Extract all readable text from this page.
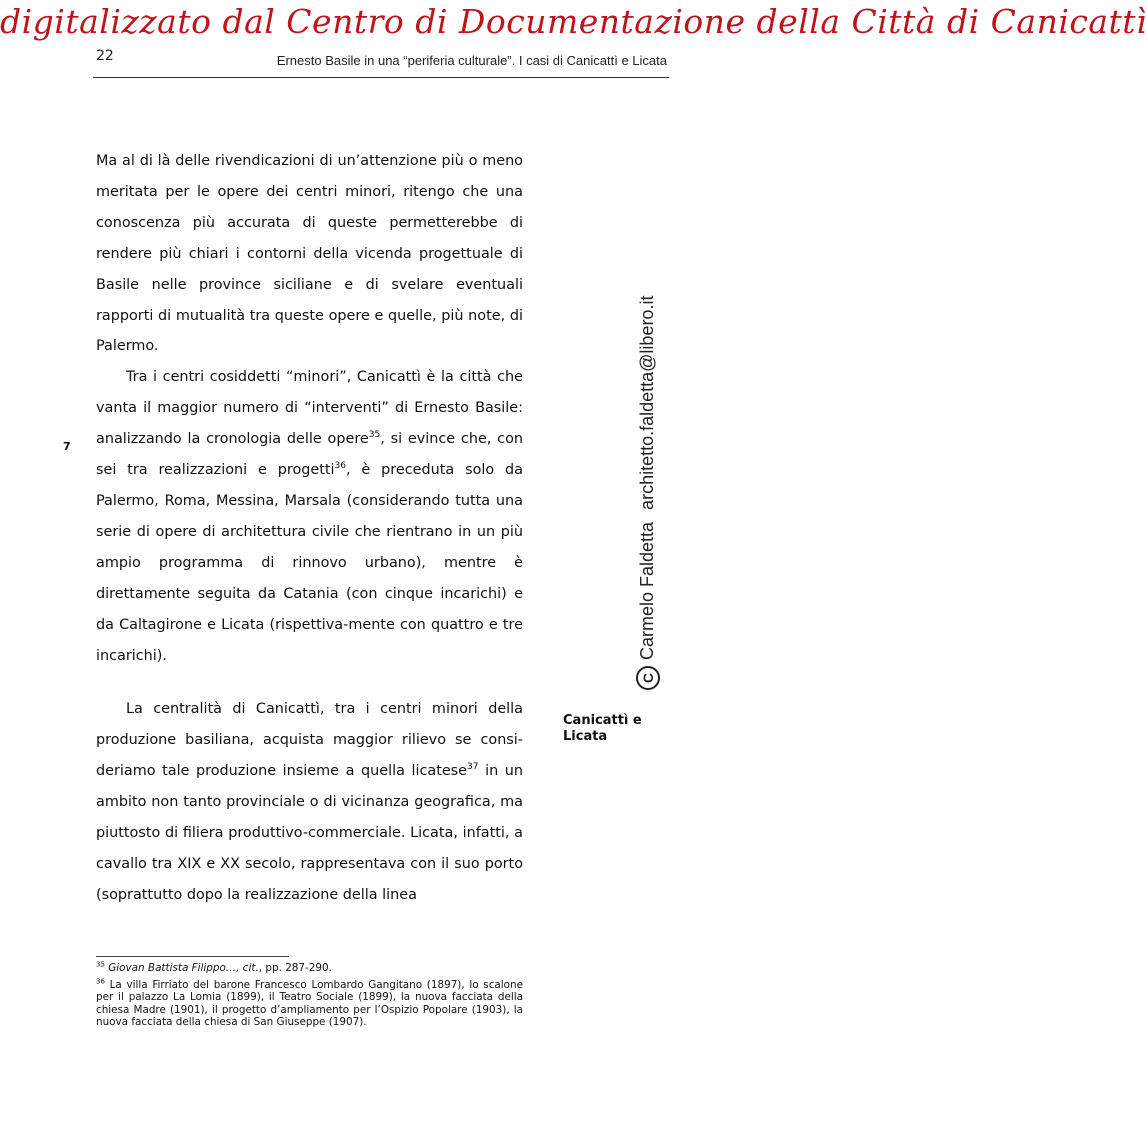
digitalizzato dal Centro di Documentazione della Città di Canicattì
22	Ernesto Basile in una “periferia culturale”. I casi di Canicattì e Licata
7

Ma al di là delle rivendicazioni di un’attenzione più o meno meritata per le opere dei centri minori, ritengo che una conoscenza più accurata di queste permetterebbe di rendere più chiari i contorni della vicenda progettuale di Basile nelle province siciliane e di svelare eventuali rapporti di mutualità tra queste opere e quelle, più note, di Palermo.

Tra i centri cosiddetti “minori”, Canicattì è la città che vanta il maggior numero di “interventi” di Ernesto Basile: analizzando la cronologia delle opere$^{35}$, si evince che, con sei tra realizzazioni e progetti$^{36}$, è preceduta solo da Palermo, Roma, Messina, Marsala (considerando tutta una serie di opere di architettura civile che rientrano in un più ampio programma di rinnovo urbano), mentre è direttamente seguita da Catania (con cinque incarichi) e da Caltagirone e Licata (rispettiva-mente con quattro e tre incarichi).

La centralità di Canicattì, tra i centri minori della produzione basiliana, acquista maggior rilievo se consi-deriamo tale produzione insieme a quella licatese$^{37}$ in un ambito non tanto provinciale o di vicinanza geografica, ma piuttosto di filiera produttivo-commerciale. Licata, infatti, a cavallo tra XIX e XX secolo, rappresentava con il suo porto (soprattutto dopo la realizzazione della linea

Canicattì e Licata

$^{35}$ Giovan Battista Filippo…, cit., pp. 287-290.

$^{36}$ La villa Firriato del barone Francesco Lombardo Gangitano (1897), lo scalone per il palazzo La Lomia (1899), il Teatro Sociale (1899), la nuova facciata della chiesa Madre (1901), il progetto d’ampliamento per l’Ospizio Popolare (1903), la nuova facciata della chiesa di San Giuseppe (1907).

CCarmelo Faldettaarchitetto.faldetta@libero.it
